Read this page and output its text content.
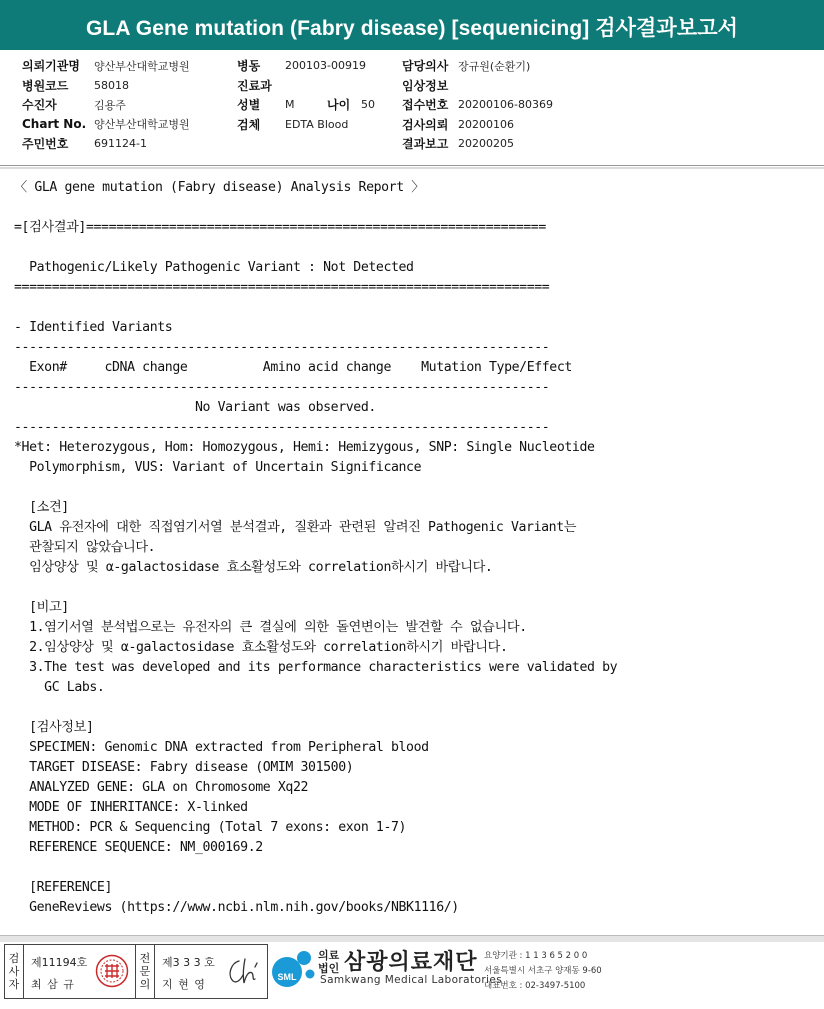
GLA Gene mutation (Fabry disease) [sequenicing] 검사결과보고서
의뢰기관명	양산부산대학교병원
병원코드	58018
수진자	김용주
Chart No. 양산부산대학교병원
주민번호	691124-1
병동	200103-00919
진료과
성별	M	나이 50
검체	EDTA Blood
담당의사 장규원(순환기)
임상정보
접수번호 20200106-80369
검사의뢰 20200106
결과보고 20200205
〈 GLA gene mutation (Fabry disease) Analysis Report 〉
=[검사결과]=============================================================
Pathogenic/Likely Pathogenic Variant : Not Detected
=======================================================================
- Identified Variants
-----------------------------------------------------------------------
Exon#     cDNA change          Amino acid change    Mutation Type/Effect
-----------------------------------------------------------------------
No Variant was observed.
-----------------------------------------------------------------------
*Het: Heterozygous, Hom: Homozygous, Hemi: Hemizygous, SNP: Single Nucleotide
Polymorphism, VUS: Variant of Uncertain Significance
[소견]
GLA 유전자에 대한 직접염기서열 분석결과, 질환과 관련된 알려진 Pathogenic Variant는
관찰되지 않았습니다.
임상양상 및 α-galactosidase 효소활성도와 correlation하시기 바랍니다.
[비고]
1.염기서열 분석법으로는 유전자의 큰 결실에 의한 돌연변이는 발견할 수 없습니다.
2.임상양상 및 α-galactosidase 효소활성도와 correlation하시기 바랍니다.
3.The test was developed and its performance characteristics were validated by
GC Labs.
[검사정보]
SPECIMEN: Genomic DNA extracted from Peripheral blood
TARGET DISEASE: Fabry disease (OMIM 301500)
ANALYZED GENE: GLA on Chromosome Xq22
MODE OF INHERITANCE: X-linked
METHOD: PCR & Sequencing (Total 7 exons: exon 1-7)
REFERENCE SEQUENCE: NM_000169.2
[REFERENCE]
GeneReviews (https://www.ncbi.nlm.nih.gov/books/NBK1116/)
검
사
자
제11194호
최 삼 규
전
문
의
제3 3 3 호
지 현 영
SML
의료
법인 삼광의료재단
Samkwang Medical Laboratories
요양기관 : 1 1 3 6 5 2 0 0
서울특별시 서초구 양재동 9-60
대표번호 : 02-3497-5100
